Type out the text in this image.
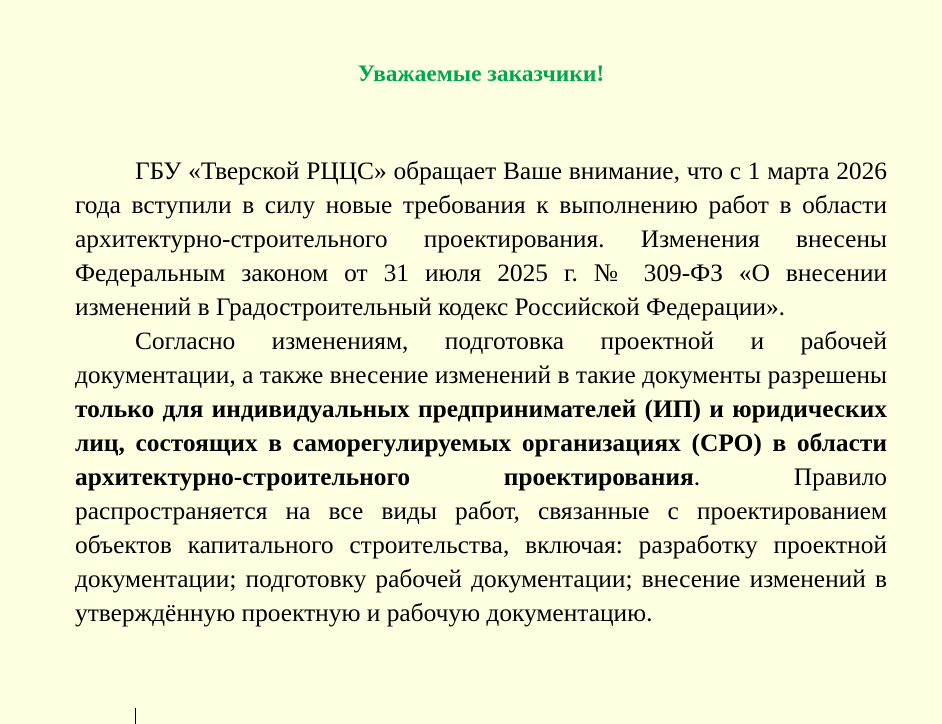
Уважаемые заказчики!

ГБУ «Тверской РЦЦС» обращает Ваше внимание, что с 1 марта 2026 года вступили в силу новые требования к выполнению работ в области архитектурно-строительного проектирования. Изменения внесены Федеральным законом от 31 июля 2025 г. № 309-ФЗ «О внесении изменений в Градостроительный кодекс Российской Федерации».

Согласно изменениям, подготовка проектной и рабочей документации, а также внесение изменений в такие документы разрешены только для индивидуальных предпринимателей (ИП) и юридических лиц, состоящих в саморегулируемых организациях (СРО) в области архитектурно-строительного проектирования. Правило распространяется на все виды работ, связанные с проектированием объектов капитального строительства, включая: разработку проектной документации; подготовку рабочей документации; внесение изменений в утверждённую проектную и рабочую документацию.
